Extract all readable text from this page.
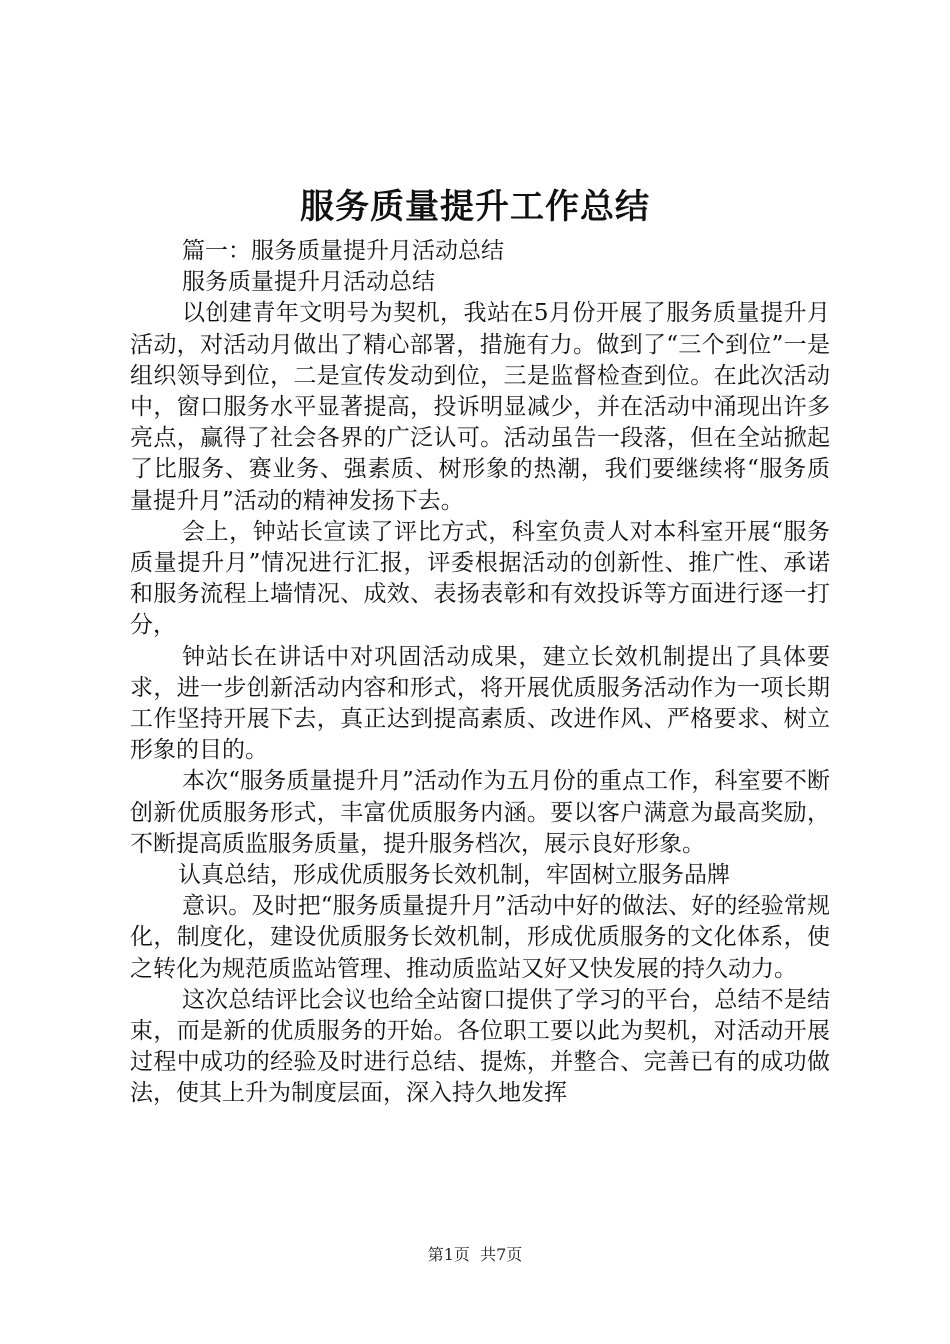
服务质量提升工作总结

篇一：服务质量提升月活动总结

服务质量提升月活动总结

以创建青年文明号为契机，我站在5月份开展了服务质量提升月活动，对活动月做出了精心部署，措施有力。做到了“三个到位”一是组织领导到位，二是宣传发动到位，三是监督检查到位。在此次活动中，窗口服务水平显著提高，投诉明显减少，并在活动中涌现出许多亮点，赢得了社会各界的广泛认可。活动虽告一段落，但在全站掀起了比服务、赛业务、强素质、树形象的热潮，我们要继续将“服务质量提升月”活动的精神发扬下去。

会上，钟站长宣读了评比方式，科室负责人对本科室开展“服务质量提升月”情况进行汇报，评委根据活动的创新性、推广性、承诺和服务流程上墙情况、成效、表扬表彰和有效投诉等方面进行逐一打分，

钟站长在讲话中对巩固活动成果，建立长效机制提出了具体要求，进一步创新活动内容和形式，将开展优质服务活动作为一项长期工作坚持开展下去，真正达到提高素质、改进作风、严格要求、树立形象的目的。

本次“服务质量提升月”活动作为五月份的重点工作，科室要不断创新优质服务形式，丰富优质服务内涵。要以客户满意为最高奖励，不断提高质监服务质量，提升服务档次，展示良好形象。

认真总结，形成优质服务长效机制，牢固树立服务品牌

意识。及时把“服务质量提升月”活动中好的做法、好的经验常规化，制度化，建设优质服务长效机制，形成优质服务的文化体系，使之转化为规范质监站管理、推动质监站又好又快发展的持久动力。

这次总结评比会议也给全站窗口提供了学习的平台，总结不是结束，而是新的优质服务的开始。各位职工要以此为契机，对活动开展过程中成功的经验及时进行总结、提炼，并整合、完善已有的成功做法，使其上升为制度层面，深入持久地发挥

第1页  共7页
